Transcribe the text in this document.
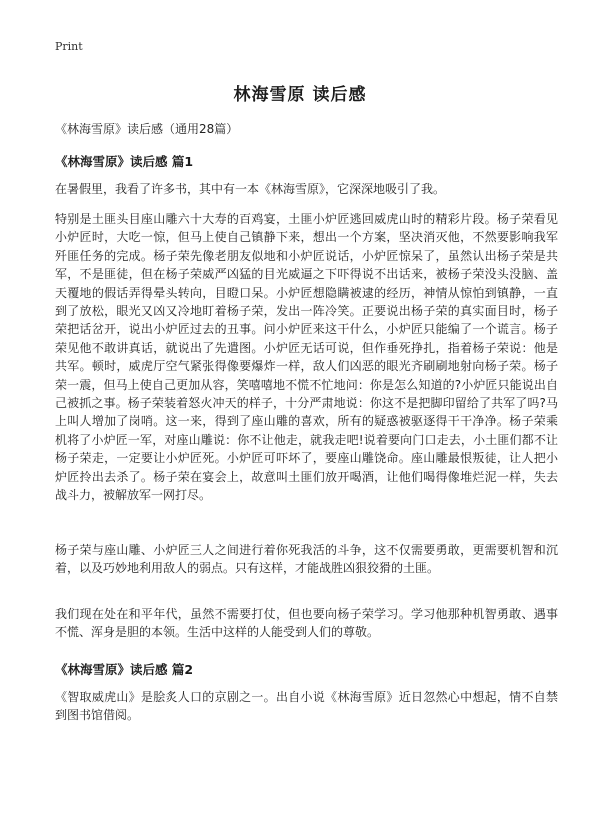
Print
林海雪原 读后感
《林海雪原》读后感（通用28篇）
《林海雪原》读后感 篇1

在暑假里，我看了许多书，其中有一本《林海雪原》，它深深地吸引了我。

特别是土匪头目座山雕六十大寿的百鸡宴，土匪小炉匠逃回威虎山时的精彩片段。杨子荣看见小炉匠时，大吃一惊，但马上使自己镇静下来，想出一个方案，坚决消灭他，不然要影响我军歼匪任务的完成。杨子荣先像老朋友似地和小炉匠说话，小炉匠惊呆了，虽然认出杨子荣是共军，不是匪徒，但在杨子荣威严凶猛的目光威逼之下吓得说不出话来，被杨子荣没头没脑、盖天覆地的假话弄得晕头转向，目瞪口呆。小炉匠想隐瞒被逮的经历，神情从惊怕到镇静，一直到了放松，眼光又凶又冷地盯着杨子荣，发出一阵冷笑。正要说出杨子荣的真实面目时，杨子荣把话岔开，说出小炉匠过去的丑事。问小炉匠来这干什么，小炉匠只能编了一个谎言。杨子荣见他不敢讲真话，就说出了先遣图。小炉匠无话可说，但作垂死挣扎，指着杨子荣说：他是共军。顿时，威虎厅空气紧张得像要爆炸一样，敌人们凶恶的眼光齐刷刷地射向杨子荣。杨子荣一震，但马上使自己更加从容，笑嘻嘻地不慌不忙地问：你是怎么知道的?小炉匠只能说出自己被抓之事。杨子荣装着怒火冲天的样子，十分严肃地说：你这不是把脚印留给了共军了吗?马上叫人增加了岗哨。这一来，得到了座山雕的喜欢，所有的疑惑被驱逐得干干净净。杨子荣乘机将了小炉匠一军，对座山雕说：你不让他走，就我走吧!说着要向门口走去，小土匪们都不让杨子荣走，一定要让小炉匠死。小炉匠可吓坏了，要座山雕饶命。座山雕最恨叛徒，让人把小炉匠拎出去杀了。杨子荣在宴会上，故意叫土匪们放开喝酒，让他们喝得像堆烂泥一样，失去战斗力，被解放军一网打尽。

杨子荣与座山雕、小炉匠三人之间进行着你死我活的斗争，这不仅需要勇敢，更需要机智和沉着，以及巧妙地利用敌人的弱点。只有这样，才能战胜凶狠狡猾的土匪。

我们现在处在和平年代，虽然不需要打仗，但也要向杨子荣学习。学习他那种机智勇敢、遇事不慌、浑身是胆的本领。生活中这样的人能受到人们的尊敬。

《林海雪原》读后感 篇2

《智取威虎山》是脍炙人口的京剧之一。出自小说《林海雪原》近日忽然心中想起，情不自禁到图书馆借阅。
